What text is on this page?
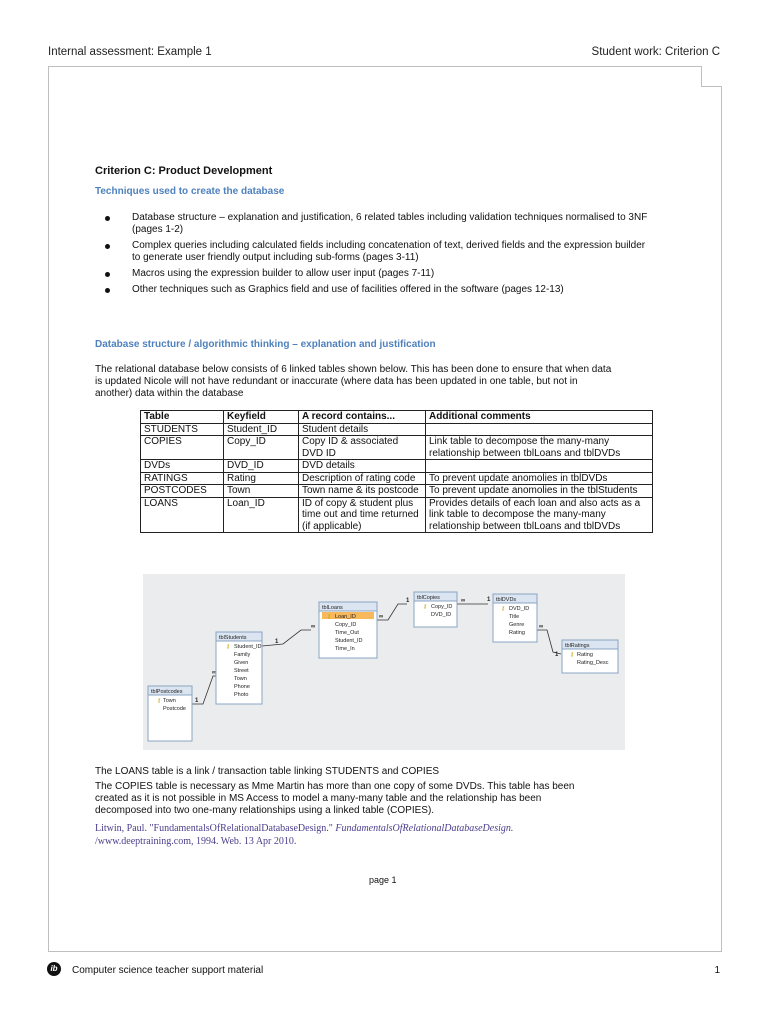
Internal assessment: Example 1	Student work: Criterion C
Criterion C: Product Development
Techniques used to create the database
Database structure – explanation and justification, 6 related tables including validation techniques normalised to 3NF (pages 1-2)
Complex queries including calculated fields including concatenation of text, derived fields and the expression builder to generate user friendly output including sub-forms (pages 3-11)
Macros using the expression builder to allow user input (pages 7-11)
Other techniques such as Graphics field and use of facilities offered in the software (pages 12-13)
Database structure / algorithmic thinking – explanation and justification
The relational database below consists of 6 linked tables shown below. This has been done to ensure that when data is updated Nicole will not have redundant or inaccurate (where data has been updated in one table, but not in another) data within the database
Table	Keyfield	A record contains...	Additional comments
STUDENTS	Student_ID	Student details	
COPIES	Copy_ID	Copy ID & associated DVD ID	Link table to decompose the many-many relationship between tblLoans and tblDVDs
DVDs	DVD_ID	DVD details	
RATINGS	Rating	Description of rating code	To prevent update anomolies in tblDVDs
POSTCODES	Town	Town name & its postcode	To prevent update anomolies in the tblStudents
LOANS	Loan_ID	ID of copy & student plus time out and time returned (if applicable)	Provides details of each loan and also acts as a link table to decompose the many-many relationship between tblLoans and tblDVDs
1
∞
1
∞
∞
1	∞	1
∞
1
tblPostcodes
⚷ Town
Postcode
tblStudents
⚷ Student_ID
Family
Given
Street
Town
Phone
Photo
tblLoans
⚷ Loan_ID
Copy_ID
Time_Out
Student_ID
Time_In
tblCopies
⚷ Copy_ID
DVD_ID
tblDVDs
⚷ DVD_ID
Title
Genre
Rating
tblRatings
⚷ Rating
Rating_Desc

The LOANS table is a link / transaction table linking STUDENTS and COPIES

The COPIES table is necessary as Mme Martin has more than one copy of some DVDs. This table has been created as it is not possible in MS Access to model a many-many table and the relationship has been decomposed into two one-many relationships using a linked table (COPIES).

Litwin, Paul. "FundamentalsOfRelationalDatabaseDesign." FundamentalsOfRelationalDatabaseDesign.
/www.deeptraining.com, 1994. Web. 13 Apr 2010.
page 1
ib	Computer science teacher support material	1
